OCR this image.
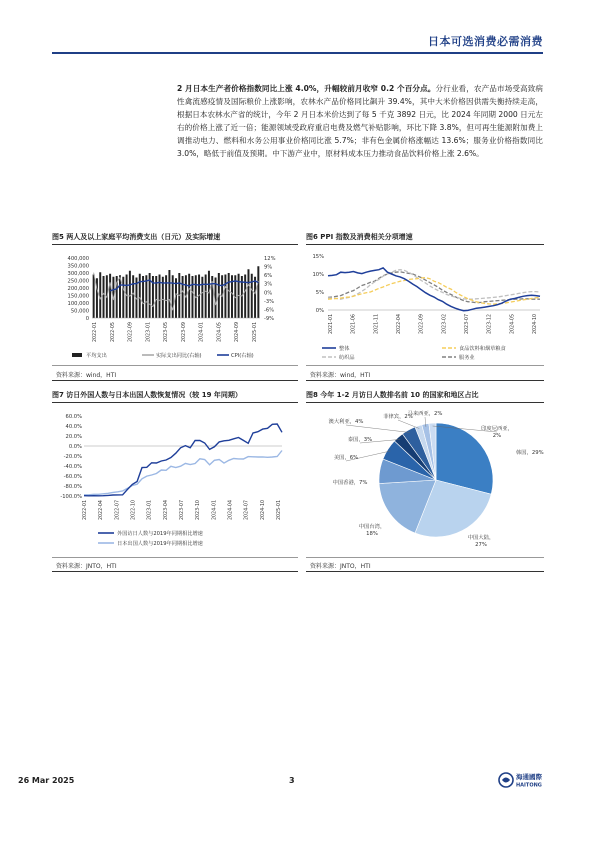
日本可选消费必需消费
2 月日本生产者价格指数同比上涨 4.0%，升幅较前月收窄 0.2 个百分点。分行业看，农产品市场受高致病性禽流感疫情及国际粮价上涨影响，农林水产品价格同比飙升 39.4%，其中大米价格因供需失衡持续走高，根据日本农林水产省的统计，今年 2 月日本米价达到了每 5 千克 3892 日元，比 2024 年同期 2000 日元左右的价格上涨了近一倍；能源领域受政府重启电费及燃气补贴影响，环比下降 3.8%，但可再生能源附加费上调推动电力、燃料和水务公用事业价格同比涨 5.7%；非有色金属价格涨幅达 13.6%；服务业价格指数同比 3.0%，略低于前值及预期。中下游产业中，原材料成本压力推动食品饮料价格上涨 2.6%。
图5 两人及以上家庭平均消费支出（日元）及实际增速
400,000
350,000
300,000
250,000
200,000
150,000
100,000
50,000
0
12%
9%
6%
3%
0%
-3%
-6%
-9%
2022-01	2022-05	2022-09	2023-01	2023-05	2023-09	2024-01	2024-05	2024-09	2025-01
平均支出	实际支出同比(右轴)	CPI(右轴)
资料来源：wind，HTI
图6 PPI 指数及消费相关分项增速
15%
10%
5%
0%
2021-01	2021-06	2021-11	2022-04	2022-09	2023-02	2023-07	2023-12	2024-05	2024-10
整体	食品饮料和烟草粮食
纺织品	服务业
资料来源：wind，HTI
图7 访日外国人数与日本出国人数恢复情况（较 19 年同期）
60.0%
40.0%
20.0%
0.0%
-20.0%
-40.0%
-60.0%
-80.0%
-100.0%
2022-01 2022-04 2022-07 2022-10 2023-01 2023-04 2023-07 2023-10 2024-01 2024-04 2024-07 2024-10 2025-01
外国访日人数与2019年同期相比增速
日本出国人数与2019年同期相比增速
资料来源：JNTO，HTI
图8 今年 1-2 月访日人数排名前 10 的国家和地区占比
韩国，29%
中国大陆，
27%
中国台湾，
18%
中国香港，7%
美国，6%
泰国，3%
澳大利亚，4%
菲律宾，2%
马来西亚，2%
印度尼西亚，
2%
资料来源：JNTO，HTI
26 Mar 2025	3	海通國際
HAITONG
